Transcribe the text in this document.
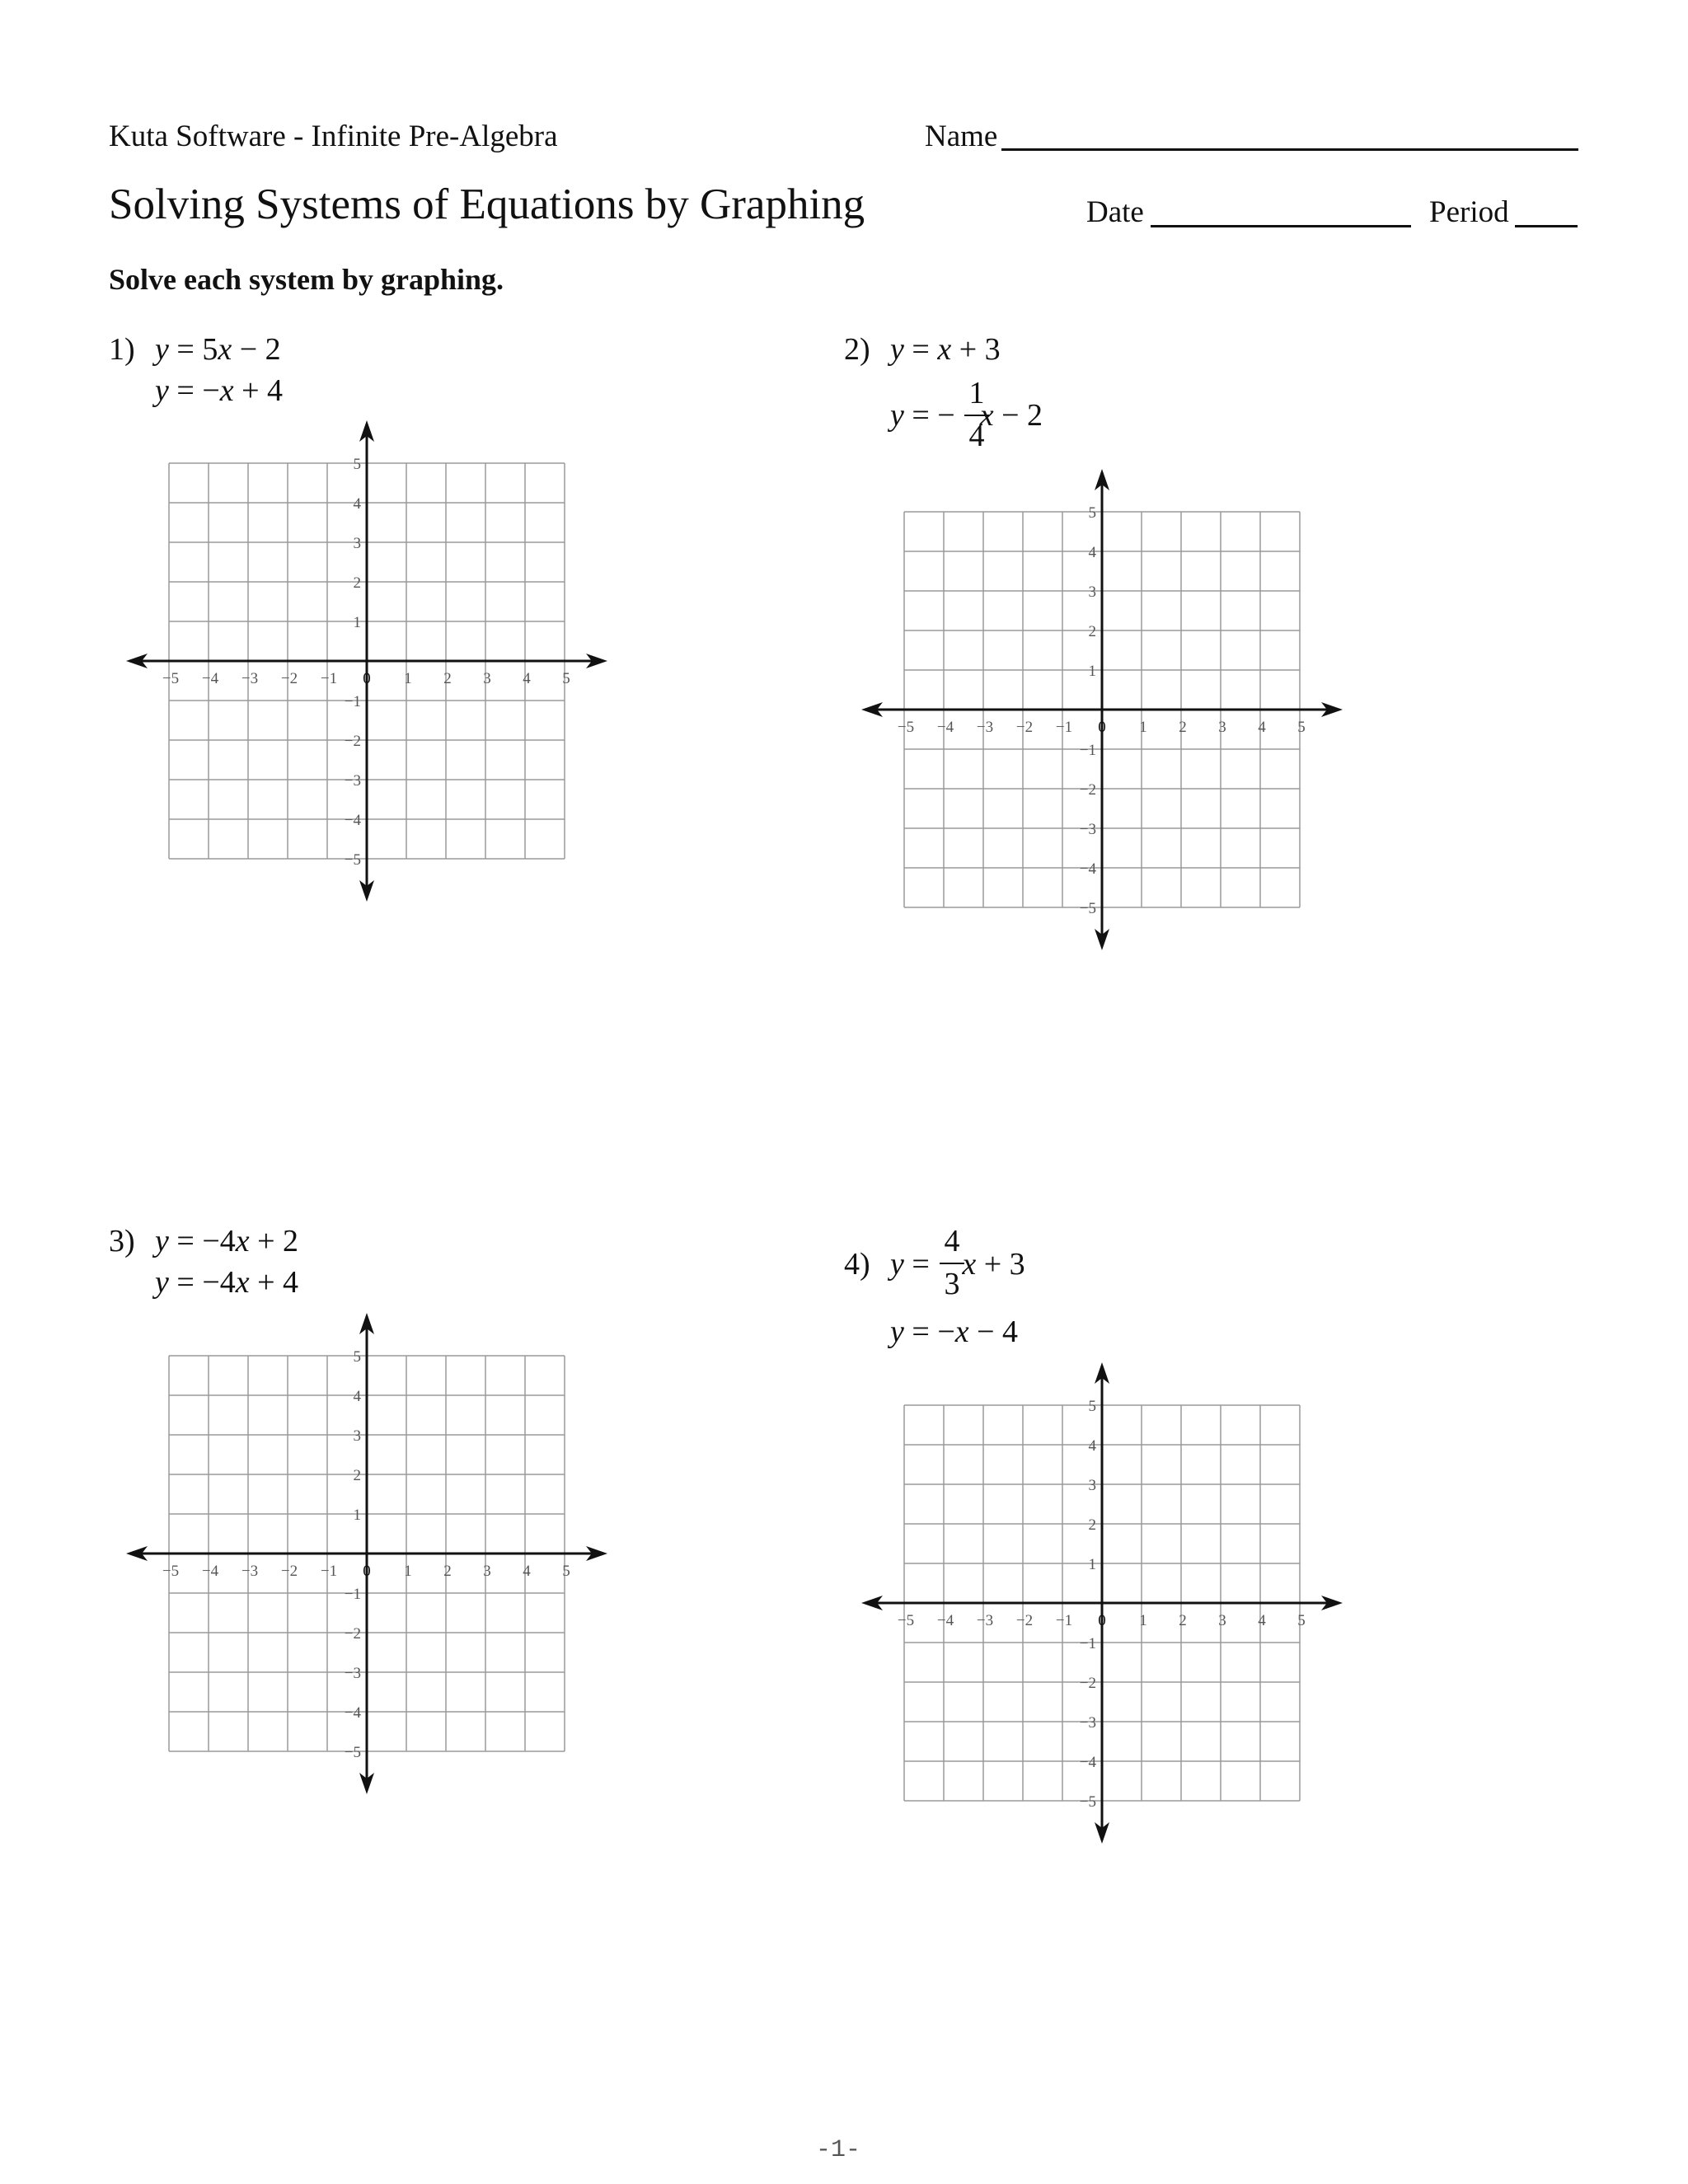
Kuta Software - Infinite Pre-Algebra	Name
Solving Systems of Equations by Graphing	Date	Period
Solve each system by graphing.
1) y = 5x − 2
y = −x + 4
−5 −4 −3 −2 −1 0 1 2 3 4 5
5
4
3
2
1
−1
−2
−3
−4
−5
2) y = x + 3
y = − x − 2
1
4
−5 −4 −3 −2 −1 0 1 2 3 4 5
5
4
3
2
1
−1
−2
−3
−4
−5
3) y = −4x + 2
y = −4x + 4
−5 −4 −3 −2 −1 0 1 2 3 4 5
5
4
3
2
1
−1
−2
−3
−4
−5
4) y = x + 3
4
3
y = −x − 4
−5 −4 −3 −2 −1 0 1 2 3 4 5
5
4
3
2
1
−1
−2
−3
−4
−5
-1-
